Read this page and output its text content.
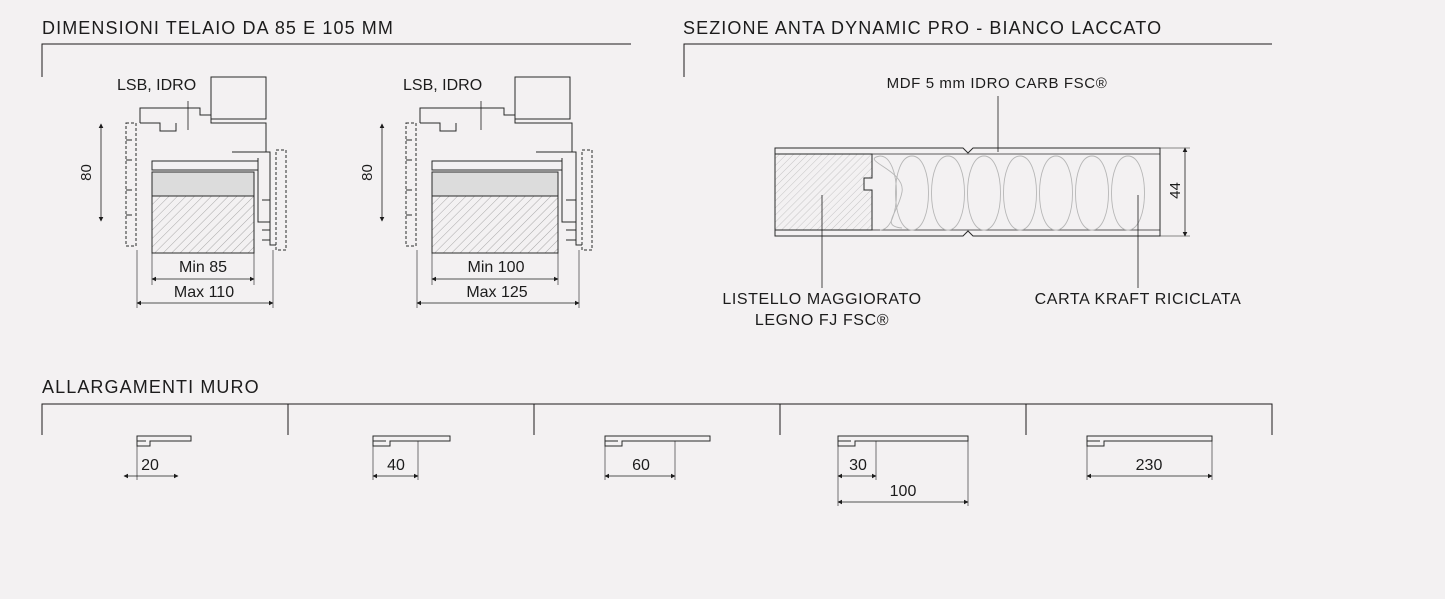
DIMENSIONI TELAIO DA 85 E 105 MM	SEZIONE ANTA DYNAMIC PRO - BIANCO LACCATO
ALLARGAMENTI MURO
LSB, IDRO
80
Min 85
Max 110
LSB, IDRO
80
Min 100
Max 125
MDF 5 mm IDRO CARB FSC®
44
LISTELLO MAGGIORATO
LEGNO FJ FSC®
CARTA KRAFT RICICLATA
20	40	60	30
100
230
